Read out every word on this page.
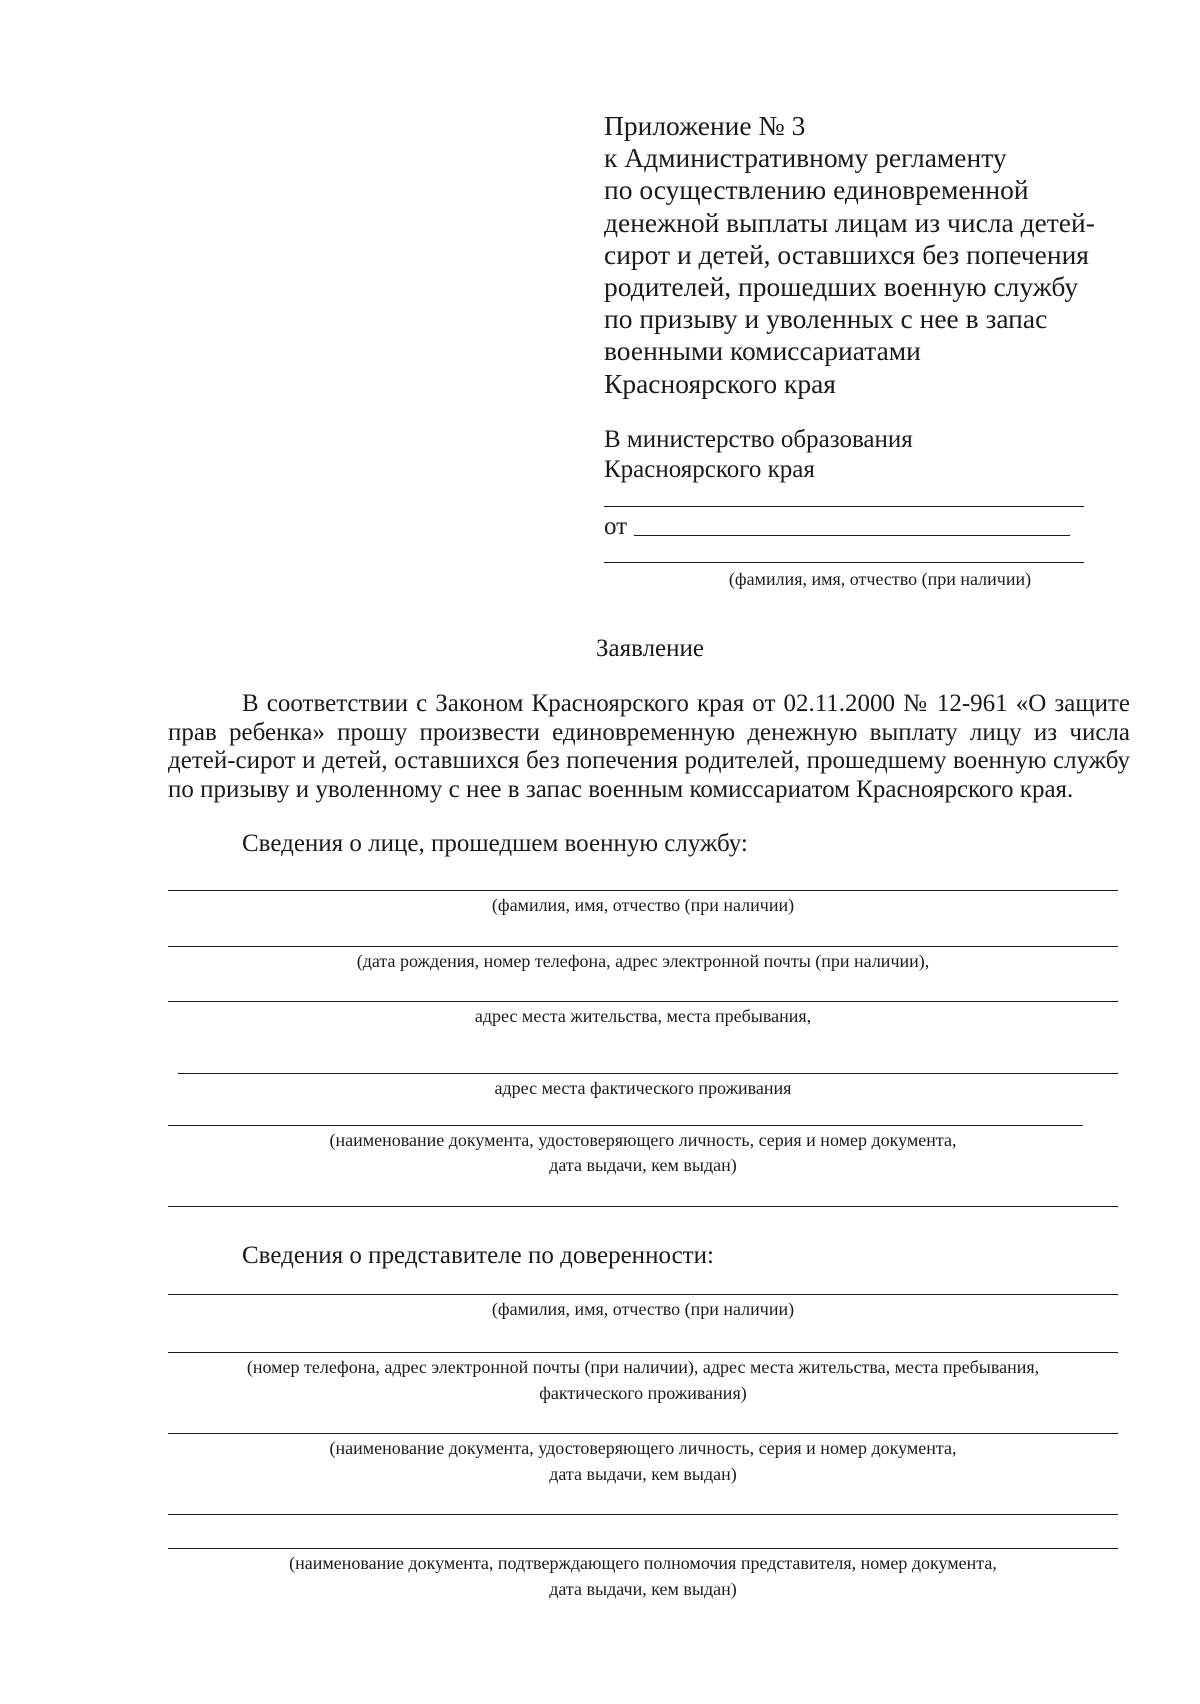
Приложение № 3
к Административному регламенту
по осуществлению единовременной
денежной выплаты лицам из числа детей-
сирот и детей, оставшихся без попечения
родителей, прошедших военную службу
по призыву и уволенных с нее в запас
военными комиссариатами
Красноярского края
В министерство образования
Красноярского края
от
(фамилия, имя, отчество (при наличии)
Заявление

В соответствии с Законом Красноярского края от 02.11.2000 № 12-961 «О защите прав ребенка» прошу произвести единовременную денежную выплату лицу из числа детей-сирот и детей, оставшихся без попечения родителей, прошедшему военную службу по призыву и уволенному с нее в запас военным комиссариатом Красноярского края.

Сведения о лице, прошедшем военную службу:
(фамилия, имя, отчество (при наличии)
(дата рождения, номер телефона, адрес электронной почты (при наличии),
адрес места жительства, места пребывания,
адрес места фактического проживания
(наименование документа, удостоверяющего личность, серия и номер документа,
дата выдачи, кем выдан)
Сведения о представителе по доверенности:
(фамилия, имя, отчество (при наличии)
(номер телефона, адрес электронной почты (при наличии), адрес места жительства, места пребывания,
фактического проживания)
(наименование документа, удостоверяющего личность, серия и номер документа,
дата выдачи, кем выдан)
(наименование документа, подтверждающего полномочия представителя, номер документа,
дата выдачи, кем выдан)
